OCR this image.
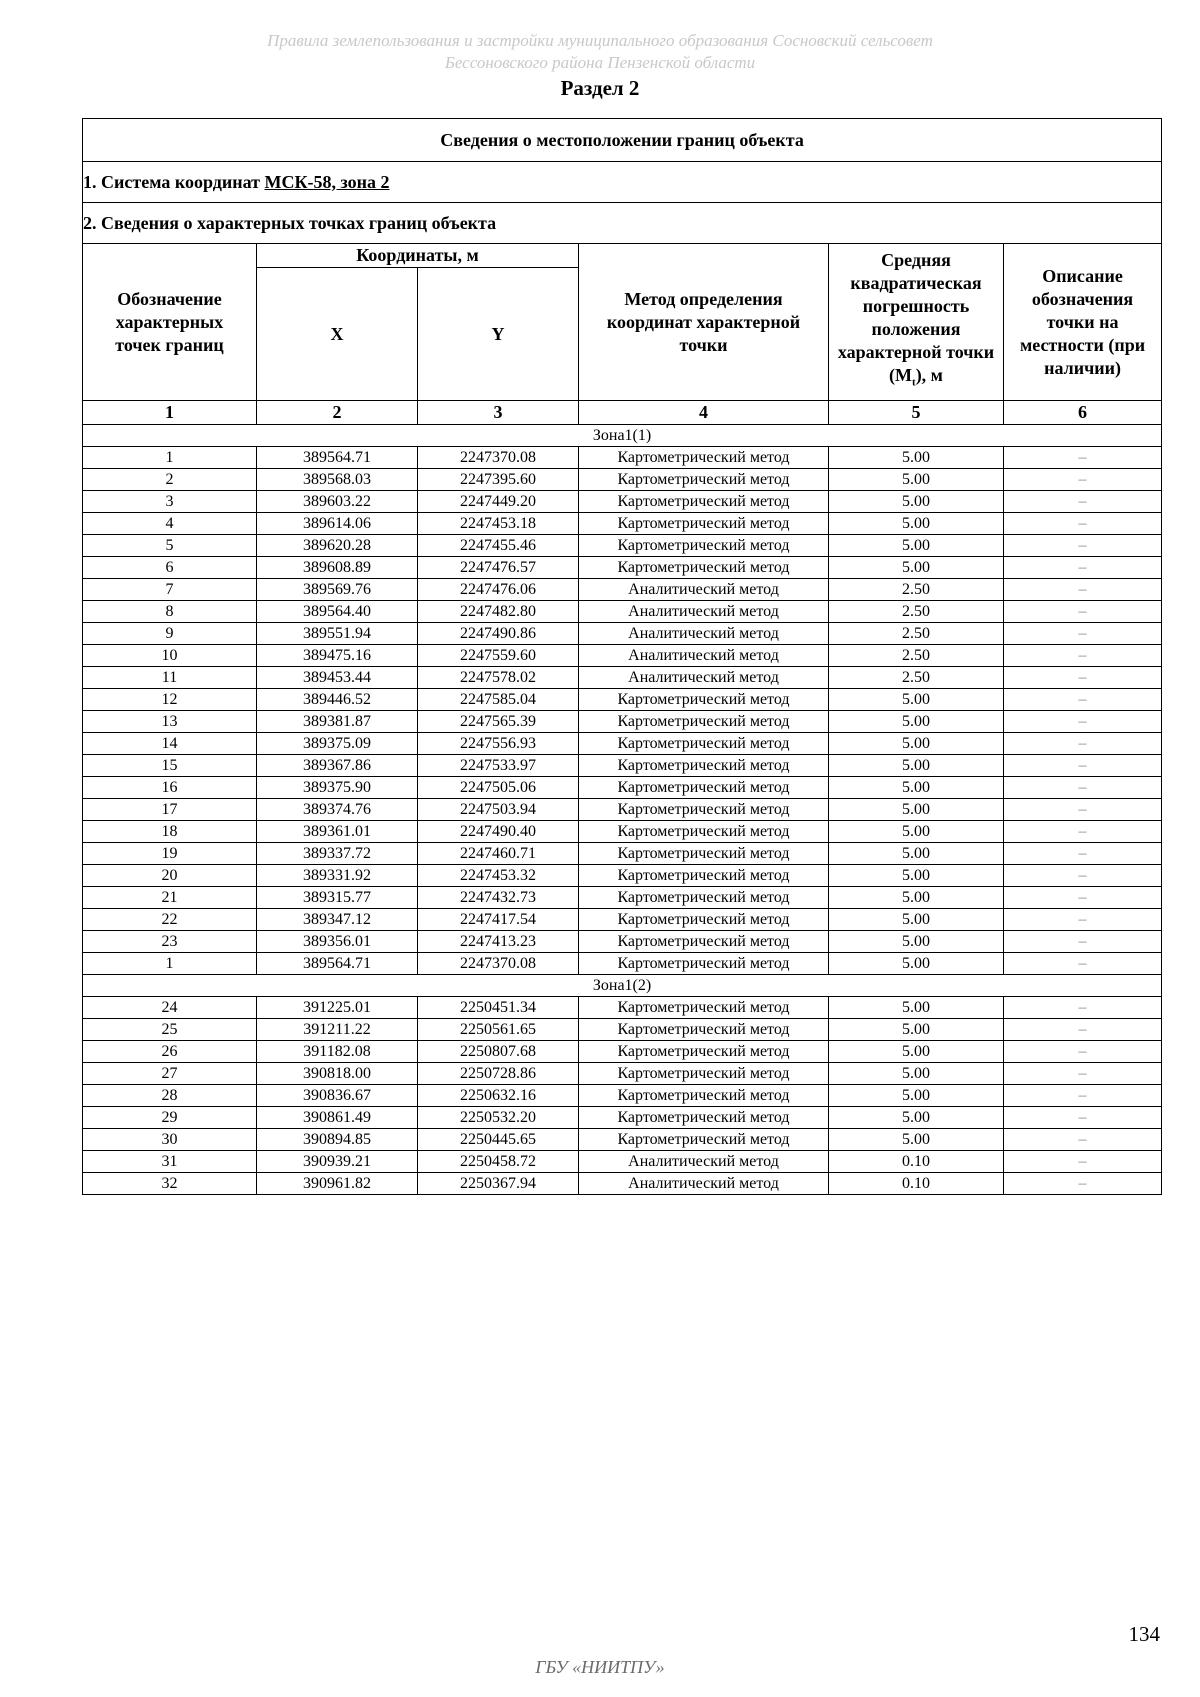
Правила землепользования и застройки муниципального образования Сосновский сельсовет
Бессоновского района Пензенской области
Раздел 2
Сведения о местоположении границ объекта					
1. Система координат МСК-58, зона 2					
2. Сведения о характерных точках границ объекта					
Обозначение характерных точек границ	Координаты, м		Метод определения координат характерной точки	Средняя квадратическая погрешность положения характерной точки $(M_t)$, м	Описание обозначения точки на местности (при наличии)
	X	Y			
1	2	3	4	5	6
Зона1(1)					
1	389564.71	2247370.08	Картометрический метод	5.00	–
2	389568.03	2247395.60	Картометрический метод	5.00	–
3	389603.22	2247449.20	Картометрический метод	5.00	–
4	389614.06	2247453.18	Картометрический метод	5.00	–
5	389620.28	2247455.46	Картометрический метод	5.00	–
6	389608.89	2247476.57	Картометрический метод	5.00	–
7	389569.76	2247476.06	Аналитический метод	2.50	–
8	389564.40	2247482.80	Аналитический метод	2.50	–
9	389551.94	2247490.86	Аналитический метод	2.50	–
10	389475.16	2247559.60	Аналитический метод	2.50	–
11	389453.44	2247578.02	Аналитический метод	2.50	–
12	389446.52	2247585.04	Картометрический метод	5.00	–
13	389381.87	2247565.39	Картометрический метод	5.00	–
14	389375.09	2247556.93	Картометрический метод	5.00	–
15	389367.86	2247533.97	Картометрический метод	5.00	–
16	389375.90	2247505.06	Картометрический метод	5.00	–
17	389374.76	2247503.94	Картометрический метод	5.00	–
18	389361.01	2247490.40	Картометрический метод	5.00	–
19	389337.72	2247460.71	Картометрический метод	5.00	–
20	389331.92	2247453.32	Картометрический метод	5.00	–
21	389315.77	2247432.73	Картометрический метод	5.00	–
22	389347.12	2247417.54	Картометрический метод	5.00	–
23	389356.01	2247413.23	Картометрический метод	5.00	–
1	389564.71	2247370.08	Картометрический метод	5.00	–
Зона1(2)					
24	391225.01	2250451.34	Картометрический метод	5.00	–
25	391211.22	2250561.65	Картометрический метод	5.00	–
26	391182.08	2250807.68	Картометрический метод	5.00	–
27	390818.00	2250728.86	Картометрический метод	5.00	–
28	390836.67	2250632.16	Картометрический метод	5.00	–
29	390861.49	2250532.20	Картометрический метод	5.00	–
30	390894.85	2250445.65	Картометрический метод	5.00	–
31	390939.21	2250458.72	Аналитический метод	0.10	–
32	390961.82	2250367.94	Аналитический метод	0.10	–
134
ГБУ «НИИТПУ»
